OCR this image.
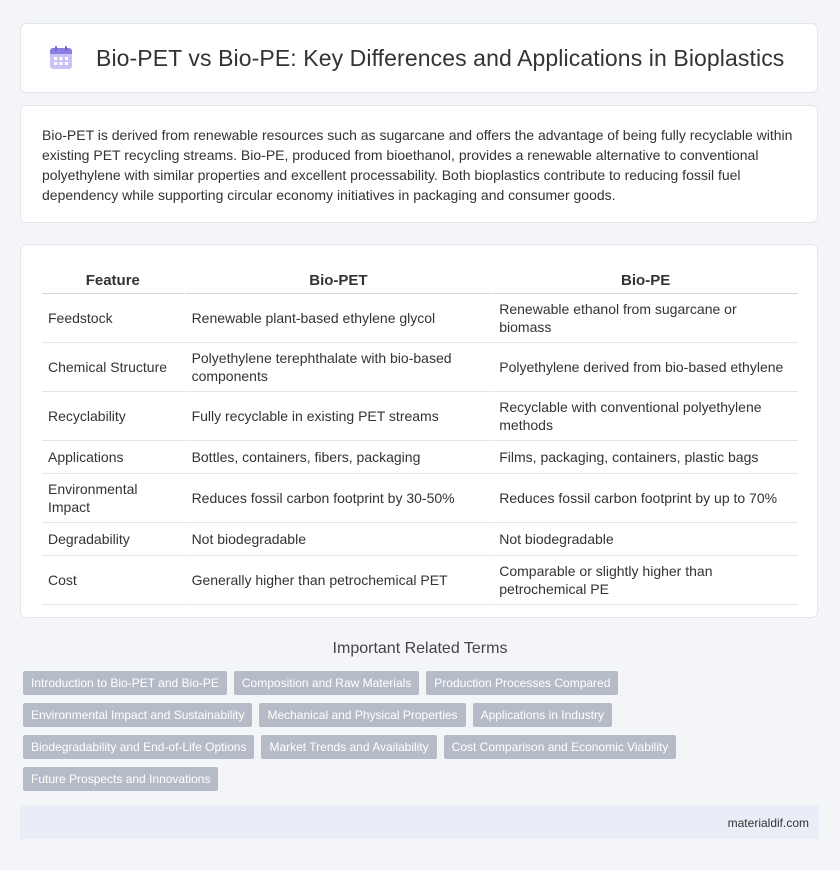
Bio-PET vs Bio-PE: Key Differences and Applications in Bioplastics

Bio-PET is derived from renewable resources such as sugarcane and offers the advantage of being fully recyclable within existing PET recycling streams. Bio-PE, produced from bioethanol, provides a renewable alternative to conventional polyethylene with similar properties and excellent processability. Both bioplastics contribute to reducing fossil fuel dependency while supporting circular economy initiatives in packaging and consumer goods.

Feature	Bio-PET	Bio-PE
Feedstock	Renewable plant-based ethylene glycol	Renewable ethanol from sugarcane or biomass
Chemical Structure	Polyethylene terephthalate with bio-based components	Polyethylene derived from bio-based ethylene
Recyclability	Fully recyclable in existing PET streams	Recyclable with conventional polyethylene methods
Applications	Bottles, containers, fibers, packaging	Films, packaging, containers, plastic bags
Environmental Impact	Reduces fossil carbon footprint by 30-50%	Reduces fossil carbon footprint by up to 70%
Degradability	Not biodegradable	Not biodegradable
Cost	Generally higher than petrochemical PET	Comparable or slightly higher than petrochemical PE
Important Related Terms
Introduction to Bio-PET and Bio-PE	Composition and Raw Materials	Production Processes Compared
Environmental Impact and Sustainability	Mechanical and Physical Properties	Applications in Industry
Biodegradability and End-of-Life Options	Market Trends and Availability	Cost Comparison and Economic Viability
Future Prospects and Innovations
materialdif.com
